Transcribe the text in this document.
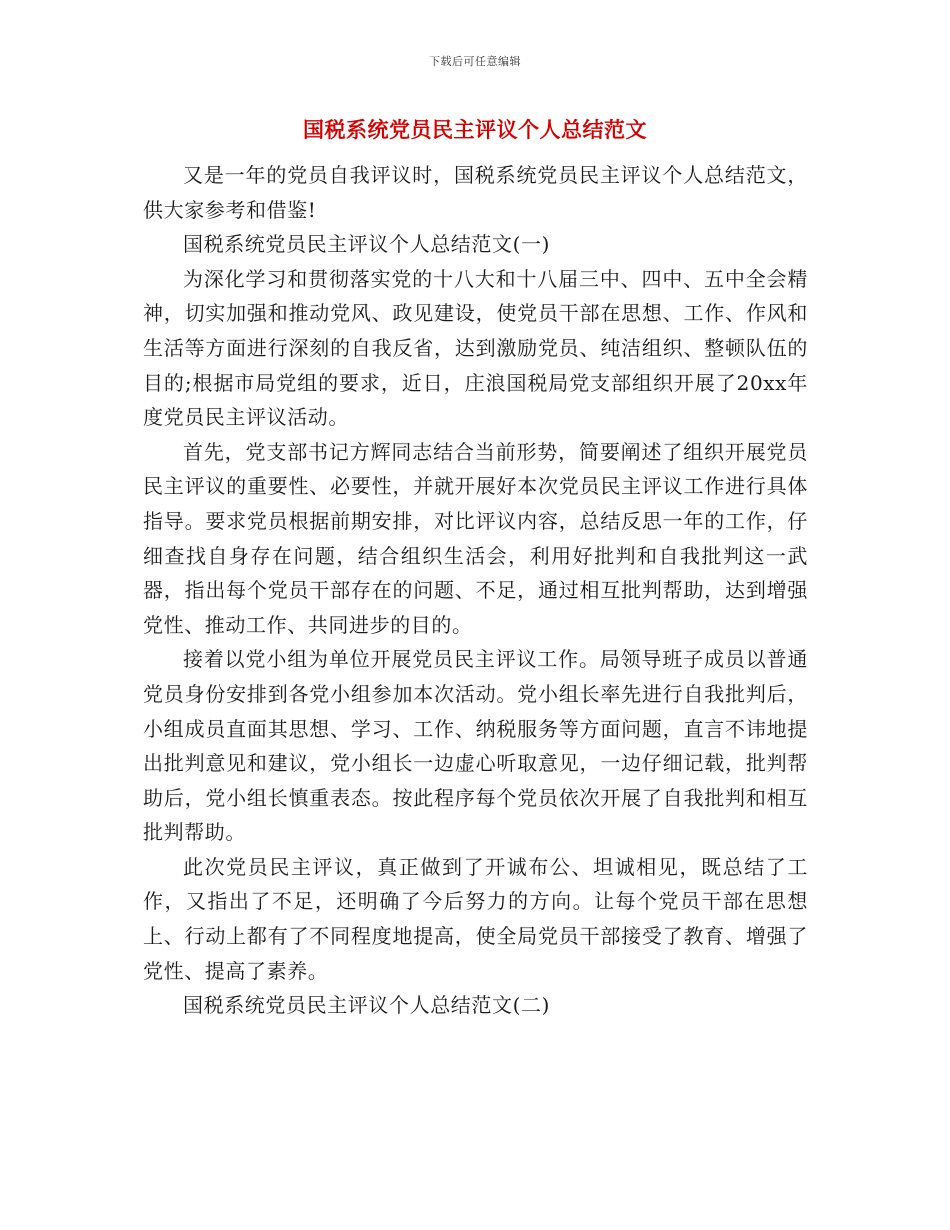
下载后可任意编辑
国税系统党员民主评议个人总结范文

又是一年的党员自我评议时，国税系统党员民主评议个人总结范文，供大家参考和借鉴!

国税系统党员民主评议个人总结范文(一)

为深化学习和贯彻落实党的十八大和十八届三中、四中、五中全会精神，切实加强和推动党风、政见建设，使党员干部在思想、工作、作风和生活等方面进行深刻的自我反省，达到激励党员、纯洁组织、整顿队伍的目的;根据市局党组的要求，近日，庄浪国税局党支部组织开展了20xx年度党员民主评议活动。

首先，党支部书记方辉同志结合当前形势，简要阐述了组织开展党员民主评议的重要性、必要性，并就开展好本次党员民主评议工作进行具体指导。要求党员根据前期安排，对比评议内容，总结反思一年的工作，仔细查找自身存在问题，结合组织生活会，利用好批判和自我批判这一武器，指出每个党员干部存在的问题、不足，通过相互批判帮助，达到增强党性、推动工作、共同进步的目的。

接着以党小组为单位开展党员民主评议工作。局领导班子成员以普通党员身份安排到各党小组参加本次活动。党小组长率先进行自我批判后，小组成员直面其思想、学习、工作、纳税服务等方面问题，直言不讳地提出批判意见和建议，党小组长一边虚心听取意见，一边仔细记载，批判帮助后，党小组长慎重表态。按此程序每个党员依次开展了自我批判和相互批判帮助。

此次党员民主评议，真正做到了开诚布公、坦诚相见，既总结了工作，又指出了不足，还明确了今后努力的方向。让每个党员干部在思想上、行动上都有了不同程度地提高，使全局党员干部接受了教育、增强了党性、提高了素养。

国税系统党员民主评议个人总结范文(二)
